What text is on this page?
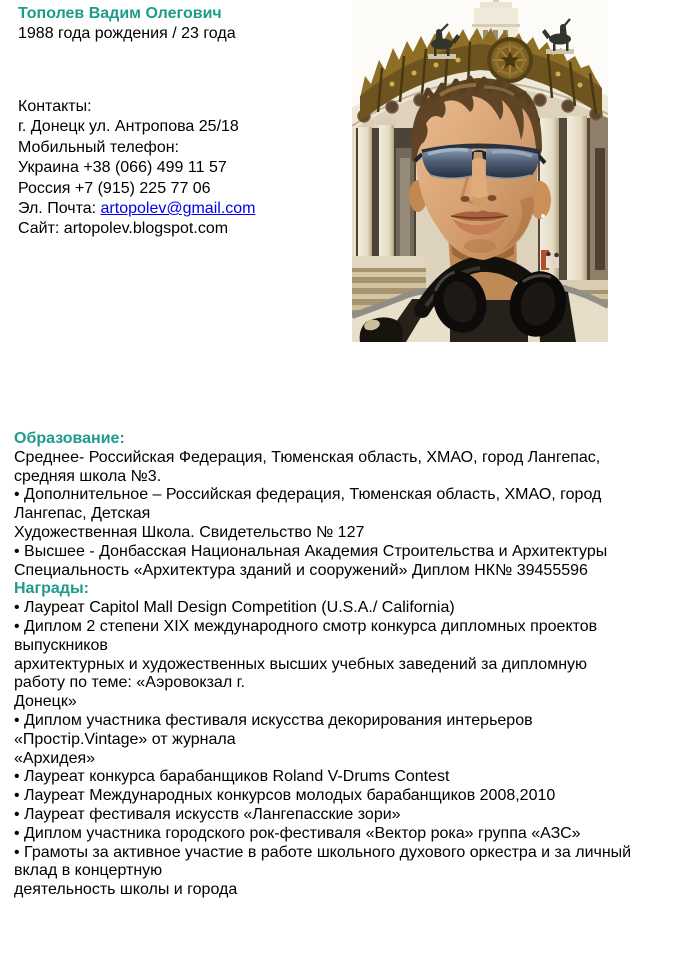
Тополев Вадим Олегович
1988 года рождения / 23 года
Контакты:
г. Донецк ул. Антропова 25/18
Мобильный телефон:
Украина +38 (066) 499 11 57
Россия +7 (915) 225 77 06
Эл. Почта: artopolev@gmail.com
Сайт: artopolev.blogspot.com
Образование:
Среднее- Российская Федерация, Тюменская область, ХМАО, город Лангепас,
средняя школа №3.
• Дополнительное – Российская федерация, Тюменская область, ХМАО, город
Лангепас, Детская
Художественная Школа. Свидетельство № 127
• Высшее - Донбасская Национальная Академия Строительства и Архитектуры
Специальность «Архитектура зданий и сооружений» Диплом НК№ 39455596
Награды:
• Лауреат Capitol Mall Design Competition (U.S.A./ California)
• Диплом 2 степени XIX международного смотр конкурса дипломных проектов
выпускников
архитектурных и художественных высших учебных заведений за дипломную
работу по теме: «Аэровокзал г.
Донецк»
• Диплом участника фестиваля искусства декорирования интерьеров
«Простір.Vintage» от журнала
«Архидея»
• Лауреат конкурса барабанщиков Roland V-Drums Contest
• Лауреат Международных конкурсов молодых барабанщиков 2008,2010
• Лауреат фестиваля искусств «Лангепасские зори»
• Диплом участника городского рок-фестиваля «Вектор рока» группа «АЗС»
• Грамоты за активное участие в работе школьного духового оркестра и за личный
вклад в концертную
деятельность школы и города
